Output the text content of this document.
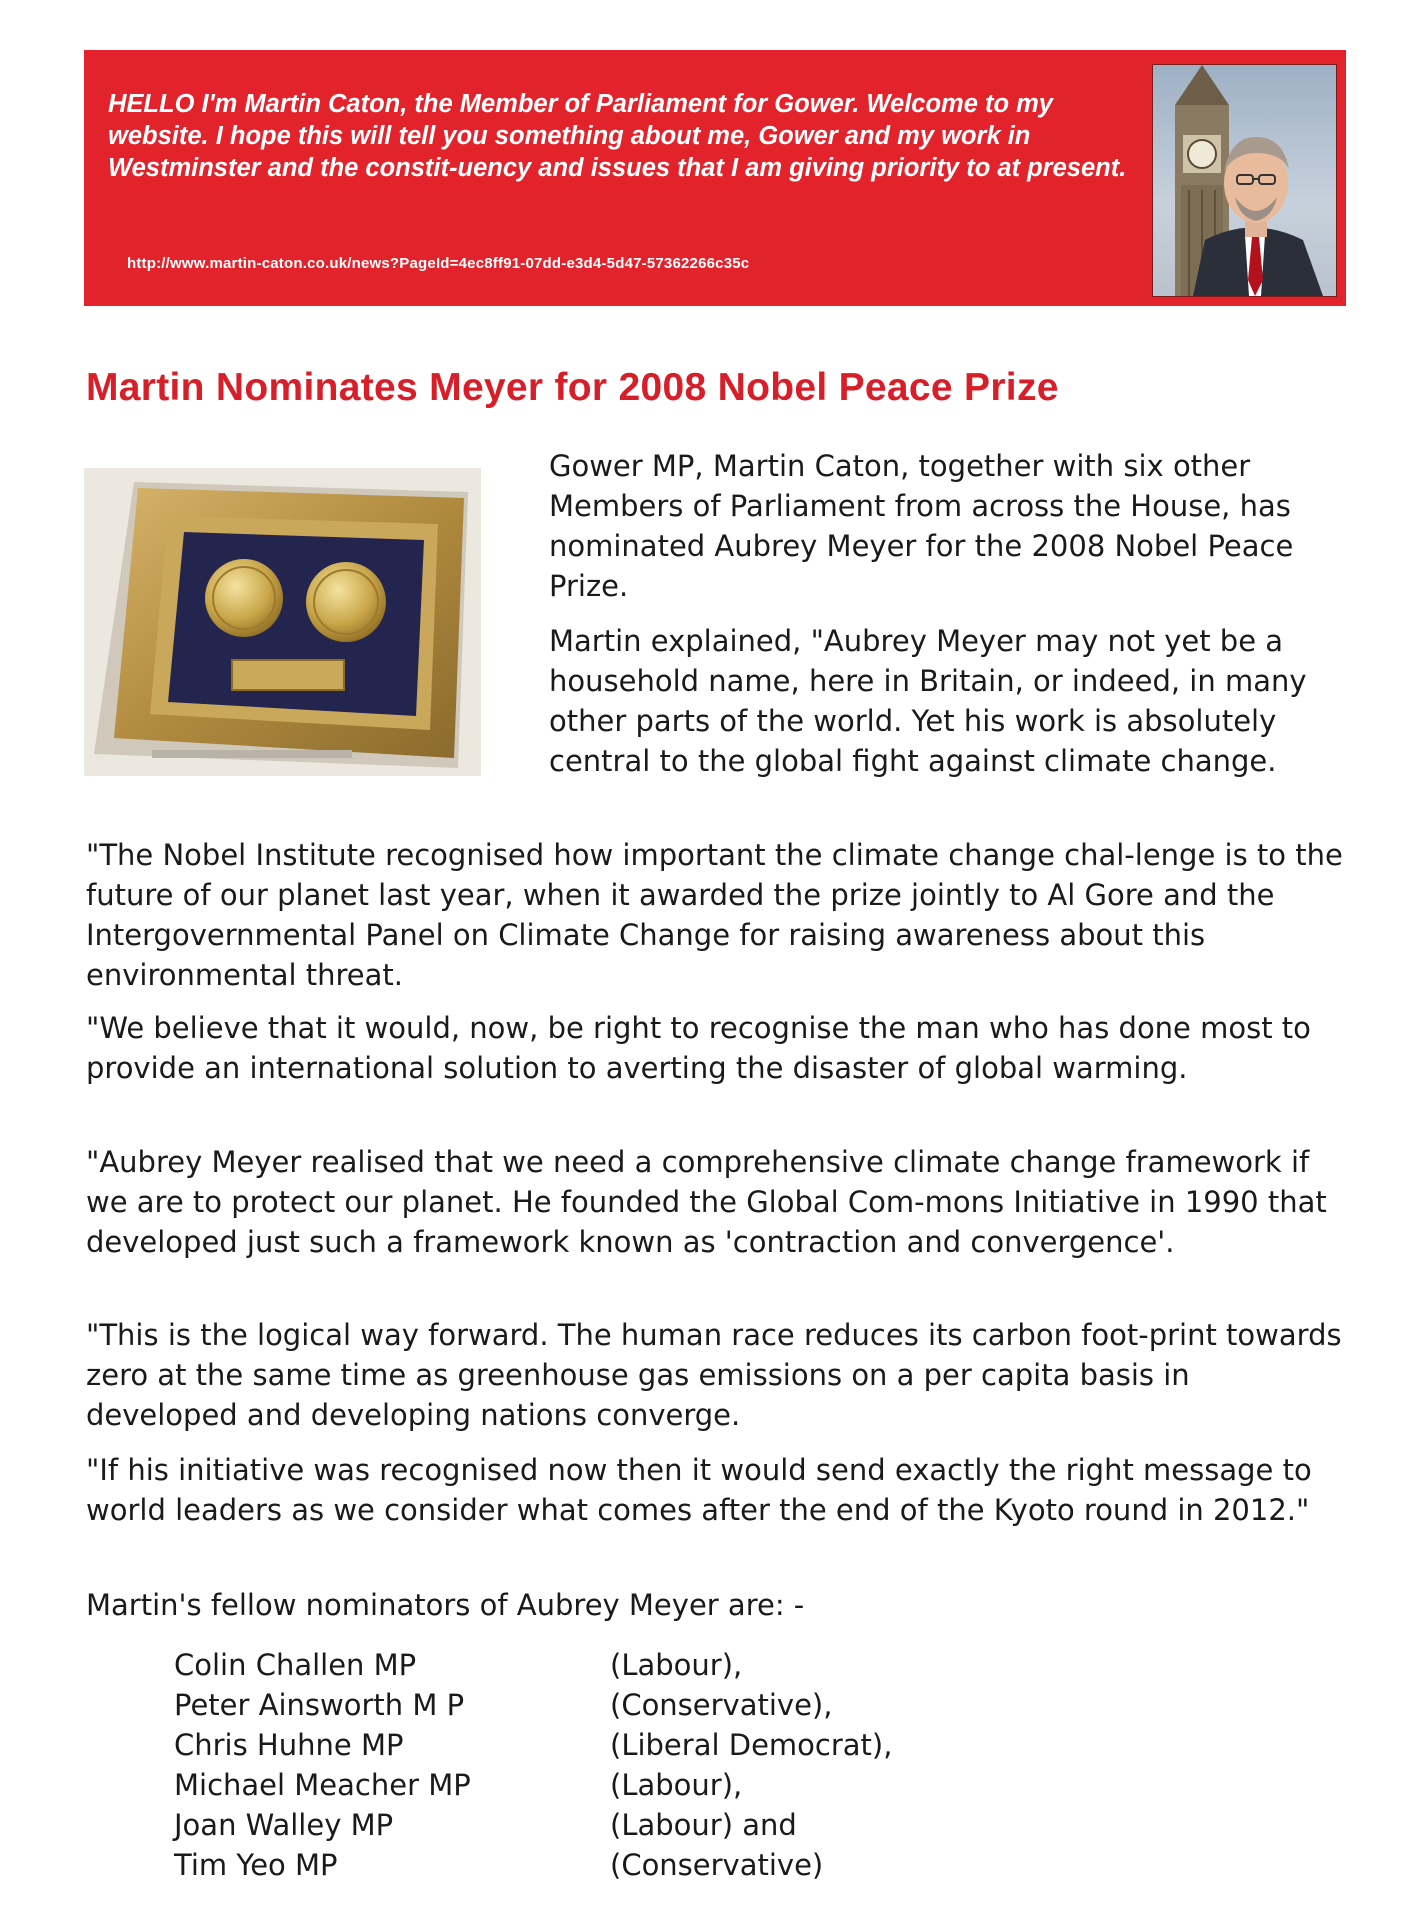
HELLO I'm Martin Caton, the Member of Parliament for Gower. Welcome to my website. I hope this will tell you something about me, Gower and my work in Westminster and the constit-uency and issues that I am giving priority to at present.

http://www.martin-caton.co.uk/news?PageId=4ec8ff91-07dd-e3d4-5d47-57362266c35c
Martin Nominates Meyer for 2008 Nobel Peace Prize

Gower MP, Martin Caton, together with six other Members of Parliament from across the House, has nominated Aubrey Meyer for the 2008 Nobel Peace Prize.

Martin explained, "Aubrey Meyer may not yet be a household name, here in Britain, or indeed, in many other parts of the world. Yet his work is absolutely central to the global fight against climate change.

"The Nobel Institute recognised how important the climate change chal-lenge is to the future of our planet last year, when it awarded the prize jointly to Al Gore and the Intergovernmental Panel on Climate Change for raising awareness about this environmental threat.

"We believe that it would, now, be right to recognise the man who has done most to provide an international solution to averting the disaster of global warming.

"Aubrey Meyer realised that we need a comprehensive climate change framework if we are to protect our planet. He founded the Global Com-mons Initiative in 1990 that developed just such a framework known as 'contraction and convergence'.

"This is the logical way forward. The human race reduces its carbon foot-print towards zero at the same time as greenhouse gas emissions on a per capita basis in developed and developing nations converge.

"If his initiative was recognised now then it would send exactly the right message to world leaders as we consider what comes after the end of the Kyoto round in 2012."

Martin's fellow nominators of Aubrey Meyer are: -

Colin Challen MP	(Labour),
Peter Ainsworth M P	(Conservative),
Chris Huhne MP	(Liberal Democrat),
Michael Meacher MP	(Labour),
Joan Walley MP	(Labour) and
Tim Yeo MP	(Conservative)
